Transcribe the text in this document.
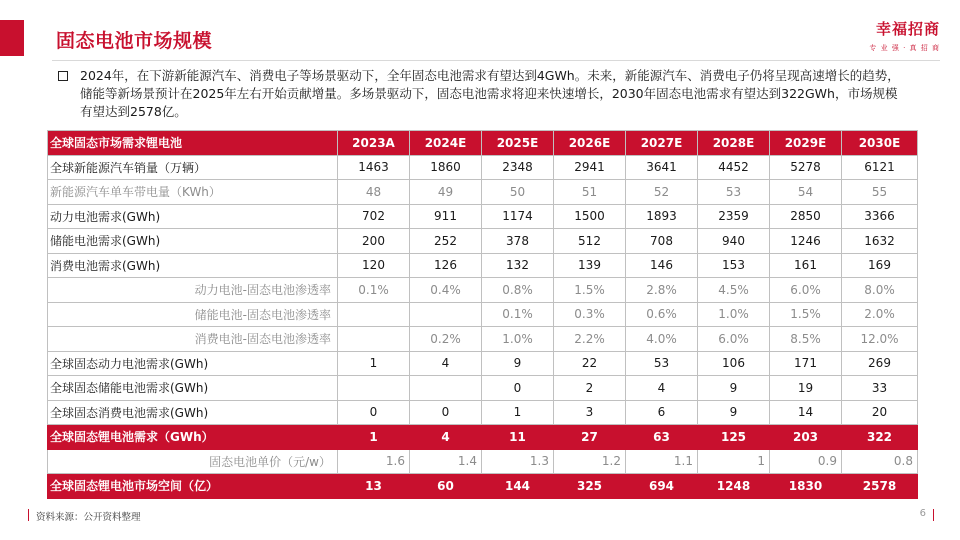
固态电池市场规模
幸福招商
专 业 强 · 真 招 商
2024年，在下游新能源汽车、消费电子等场景驱动下，全年固态电池需求有望达到4GWh。未来，新能源汽车、消费电子仍将呈现高速增长的趋势，储能等新场景预计在2025年左右开始贡献增量。多场景驱动下，固态电池需求将迎来快速增长，2030年固态电池需求有望达到322GWh，市场规模有望达到2578亿。
全球固态市场需求锂电池	2023A	2024E	2025E	2026E	2027E	2028E	2029E	2030E
全球新能源汽车销量（万辆）	1463	1860	2348	2941	3641	4452	5278	6121
新能源汽车单车带电量（KWh）	48	49	50	51	52	53	54	55
动力电池需求(GWh)	702	911	1174	1500	1893	2359	2850	3366
储能电池需求(GWh)	200	252	378	512	708	940	1246	1632
消费电池需求(GWh)	120	126	132	139	146	153	161	169
动力电池-固态电池渗透率	0.1%	0.4%	0.8%	1.5%	2.8%	4.5%	6.0%	8.0%
储能电池-固态电池渗透率			0.1%	0.3%	0.6%	1.0%	1.5%	2.0%
消费电池-固态电池渗透率		0.2%	1.0%	2.2%	4.0%	6.0%	8.5%	12.0%
全球固态动力电池需求(GWh)	1	4	9	22	53	106	171	269
全球固态储能电池需求(GWh)			0	2	4	9	19	33
全球固态消费电池需求(GWh)	0	0	1	3	6	9	14	20
全球固态锂电池需求（GWh）	1	4	11	27	63	125	203	322
固态电池单价（元/w）	1.6	1.4	1.3	1.2	1.1	1	0.9	0.8
全球固态锂电池市场空间（亿）	13	60	144	325	694	1248	1830	2578
资料来源：公开资料整理	6
